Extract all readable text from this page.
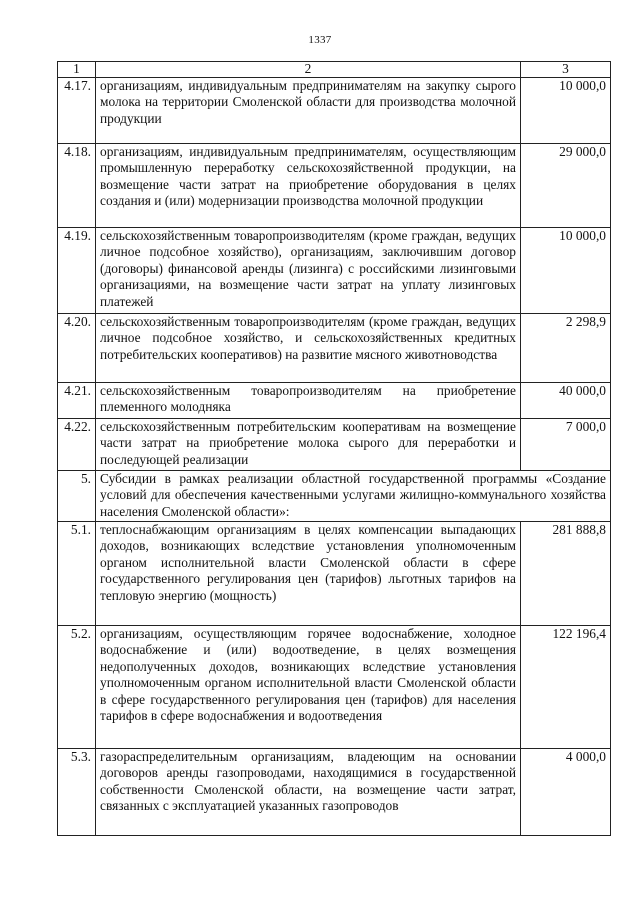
1337
1	2	3
4.17.	организациям, индивидуальным предпринимателям на закупку сырого молока на территории Смоленской области для производства молочной продукции	10 000,0
4.18.	организациям, индивидуальным предпринимателям, осуществляющим промышленную переработку сельскохозяйственной продукции, на возмещение части затрат на приобретение оборудования в целях создания и (или) модернизации производства молочной продукции	29 000,0
4.19.	сельскохозяйственным товаропроизводителям (кроме граждан, ведущих личное подсобное хозяйство), организациям, заключившим договор (договоры) финансовой аренды (лизинга) с российскими лизинговыми организациями, на возмещение части затрат на уплату лизинговых платежей	10 000,0
4.20.	сельскохозяйственным товаропроизводителям (кроме граждан, ведущих личное подсобное хозяйство, и сельскохозяйственных кредитных потребительских кооперативов) на развитие мясного животноводства	2 298,9
4.21.	сельскохозяйственным товаропроизводителям на приобретение племенного молодняка	40 000,0
4.22.	сельскохозяйственным потребительским кооперативам на возмещение части затрат на приобретение молока сырого для переработки и последующей реализации	7 000,0
5.	Субсидии в рамках реализации областной государственной программы «Создание условий для обеспечения качественными услугами жилищно-коммунального хозяйства населения Смоленской области»:	

5.1.	теплоснабжающим организациям в целях компенсации выпадающих доходов, возникающих вследствие установления уполномоченным органом исполнительной власти Смоленской области в сфере государственного регулирования цен (тарифов) льготных тарифов на тепловую энергию (мощность)	281 888,8
5.2.	организациям, осуществляющим горячее водоснабжение, холодное водоснабжение и (или) водоотведение, в целях возмещения недополученных доходов, возникающих вследствие установления уполномоченным органом исполнительной власти Смоленской области в сфере государственного регулирования цен (тарифов) для населения тарифов в сфере водоснабжения и водоотведения	122 196,4
5.3.	газораспределительным организациям, владеющим на основании договоров аренды газопроводами, находящимися в государственной собственности Смоленской области, на возмещение части затрат, связанных с эксплуатацией указанных газопроводов	4 000,0
